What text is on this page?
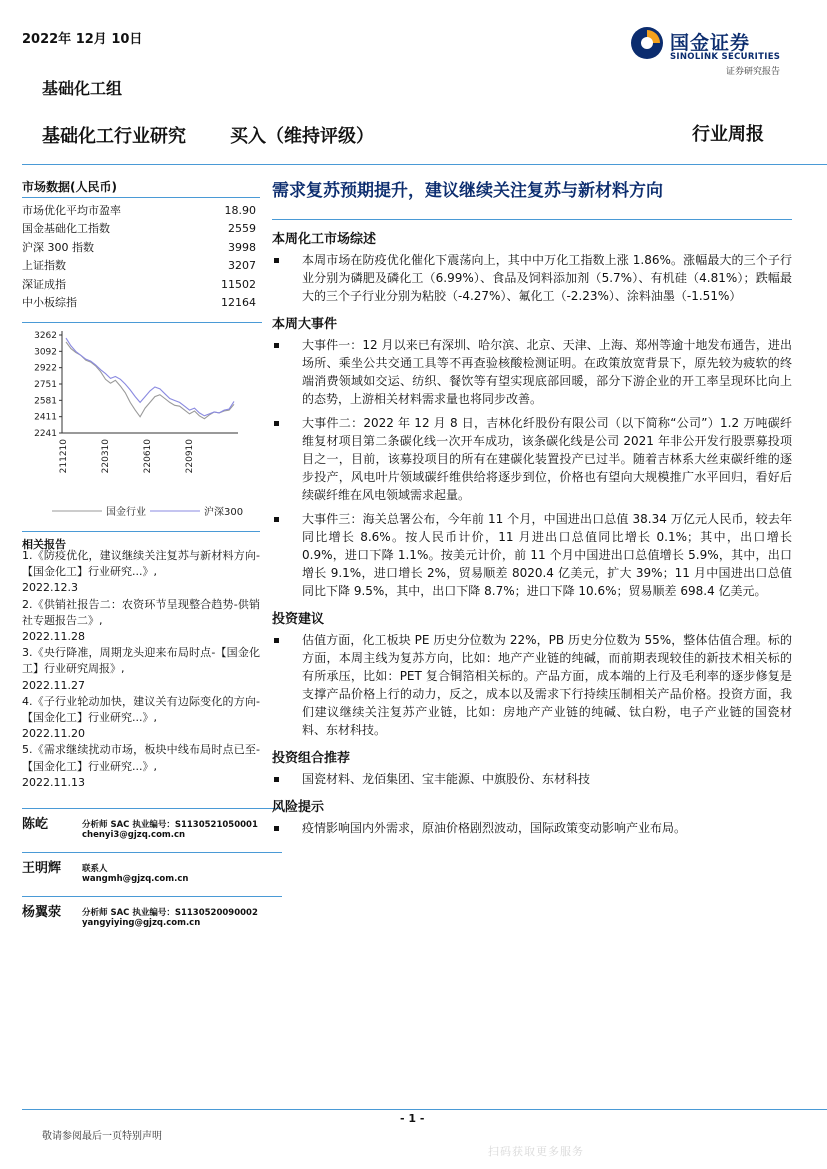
2022年 12月 10日	国金证券
SINOLINK SECURITIES
证券研究报告
基础化工组
基础化工行业研究 买入（维持评级）	行业周报
市场数据(人民币)
市场优化平均市盈率	18.90
国金基础化工指数	2559
沪深 300 指数	3998
上证指数	3207
深证成指	11502
中小板综指	12164
3262
3092
2922
2751
2581
2411
2241
211210	220310	220610	220910
国金行业	沪深300
相关报告
1.《防疫优化，建议继续关注复苏与新材料方向-【国金化工】行业研究...》,
2022.12.3
2.《供销社报告二：农资环节呈现整合趋势-供销社专题报告二》,
2022.11.28
3.《央行降准，周期龙头迎来布局时点-【国金化工】行业研究周报》,
2022.11.27
4.《子行业轮动加快，建议关有边际变化的方向-【国金化工】行业研究...》,
2022.11.20
5.《需求继续扰动市场，板块中线布局时点已至-【国金化工】行业研究...》,
2022.11.13
陈屹	分析师 SAC 执业编号：S1130521050001
chenyi3@gjzq.com.cn
王明辉 联系人
wangmh@gjzq.com.cn
杨翼荥 分析师 SAC 执业编号：S1130520090002
yangyiying@gjzq.com.cn
需求复苏预期提升，建议继续关注复苏与新材料方向
本周化工市场综述
本周市场在防疫优化催化下震荡向上，其中中万化工指数上涨 1.86%。涨幅最大的三个子行业分别为磷肥及磷化工（6.99%）、食品及饲料添加剂（5.7%）、有机硅（4.81%）；跌幅最大的三个子行业分别为粘胶（-4.27%）、氟化工（-2.23%）、涂料油墨（-1.51%）
本周大事件
大事件一：12 月以来已有深圳、哈尔滨、北京、天津、上海、郑州等逾十地发布通告，进出场所、乘坐公共交通工具等不再查验核酸检测证明。在政策放宽背景下，原先较为疲软的终端消费领域如交运、纺织、餐饮等有望实现底部回暖，部分下游企业的开工率呈现环比向上的态势，上游相关材料需求量也将同步改善。
大事件二：2022 年 12 月 8 日，吉林化纤股份有限公司（以下简称“公司”）1.2 万吨碳纤维复材项目第二条碳化线一次开车成功，该条碳化线是公司 2021 年非公开发行股票募投项目之一，目前，该募投项目的所有在建碳化装置投产已过半。随着吉林系大丝束碳纤维的逐步投产，风电叶片领域碳纤维供给将逐步到位，价格也有望向大规模推广水平回归，看好后续碳纤维在风电领域需求起量。
大事件三：海关总署公布，今年前 11 个月，中国进出口总值 38.34 万亿元人民币，较去年同比增长 8.6%。按人民币计价，11 月进出口总值同比增长 0.1%；其中，出口增长 0.9%，进口下降 1.1%。按美元计价，前 11 个月中国进出口总值增长 5.9%，其中，出口增长 9.1%，进口增长 2%，贸易顺差 8020.4 亿美元，扩大 39%；11 月中国进出口总值同比下降 9.5%，其中，出口下降 8.7%；进口下降 10.6%；贸易顺差 698.4 亿美元。
投资建议
估值方面，化工板块 PE 历史分位数为 22%，PB 历史分位数为 55%，整体估值合理。标的方面，本周主线为复苏方向，比如：地产产业链的纯碱，而前期表现较佳的新技术相关标的有所承压，比如：PET 复合铜箔相关标的。产品方面，成本端的上行及毛利率的逐步修复是支撑产品价格上行的动力，反之，成本以及需求下行持续压制相关产品价格。投资方面，我们建议继续关注复苏产业链，比如：房地产产业链的纯碱、钛白粉，电子产业链的国瓷材料、东材科技。
投资组合推荐
国瓷材料、龙佰集团、宝丰能源、中旗股份、东材科技
风险提示
疫情影响国内外需求，原油价格剧烈波动，国际政策变动影响产业布局。
- 1 -
敬请参阅最后一页特别声明
扫码获取更多服务
